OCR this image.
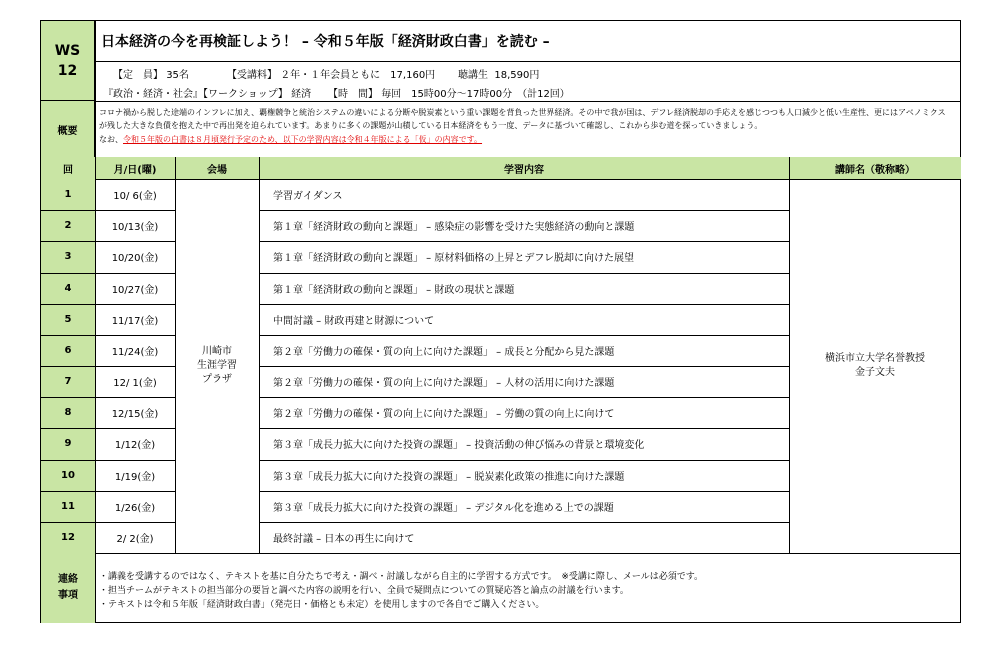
WS
12
日本経済の今を再検証しよう！ – 令和５年版「経済財政白書」を読む –
【定　員】 35名	【受講料】 ２年・１年会員ともに　17,160円 聴講生 18,590円
『政治・経済・社会』【ワークショップ】 経済 【時　間】 毎回　15時00分～17時00分　（計12回）
概要
コロナ禍から脱した途端のインフレに加え、覇権競争と統治システムの違いによる分断や脱炭素という重い課題を背負った世界経済。その中で我が国は、デフレ経済脱却の手応えを感じつつも人口減少と低い生産性、更にはアベノミクス
が残した大きな負債を抱えた中で再出発を迫られています。あまりに多くの課題が山積している日本経済をもう一度、データに基づいて確認し、これから歩む道を探っていきましょう。
なお、令和５年版の白書は８月頃発行予定のため、以下の学習内容は令和４年版による「仮」の内容です。
回	月/日(曜)	会場	学習内容	講師名（敬称略）
1	10/ 6(金)	学習ガイダンス
2	10/13(金)	第１章「経済財政の動向と課題」 – 感染症の影響を受けた実態経済の動向と課題
3	10/20(金)	第１章「経済財政の動向と課題」 – 原材料価格の上昇とデフレ脱却に向けた展望
4	10/27(金)	第１章「経済財政の動向と課題」 – 財政の現状と課題
5	11/17(金)	中間討議 – 財政再建と財源について
6	11/24(金)	第２章「労働力の確保・質の向上に向けた課題」 – 成長と分配から見た課題
7	12/ 1(金)	第２章「労働力の確保・質の向上に向けた課題」 – 人材の活用に向けた課題
8	12/15(金)	第２章「労働力の確保・質の向上に向けた課題」 – 労働の質の向上に向けて
9	1/12(金)	第３章「成長力拡大に向けた投資の課題」 – 投資活動の伸び悩みの背景と環境変化
10	1/19(金)	第３章「成長力拡大に向けた投資の課題」 – 脱炭素化政策の推進に向けた課題
11	1/26(金)	第３章「成長力拡大に向けた投資の課題」 – デジタル化を進める上での課題
12	2/ 2(金)	最終討議 – 日本の再生に向けて
川崎市
生涯学習
プラザ
横浜市立大学名誉教授
金子文夫
連絡
事項
・講義を受講するのではなく、テキストを基に自分たちで考え・調べ・討議しながら自主的に学習する方式です。　※受講に際し、メールは必須です。
・担当チームがテキストの担当部分の要旨と調べた内容の説明を行い、全員で疑問点についての質疑応答と論点の討議を行います。
・テキストは令和５年版「経済財政白書」（発売日・価格とも未定）を使用しますので各自でご購入ください。
